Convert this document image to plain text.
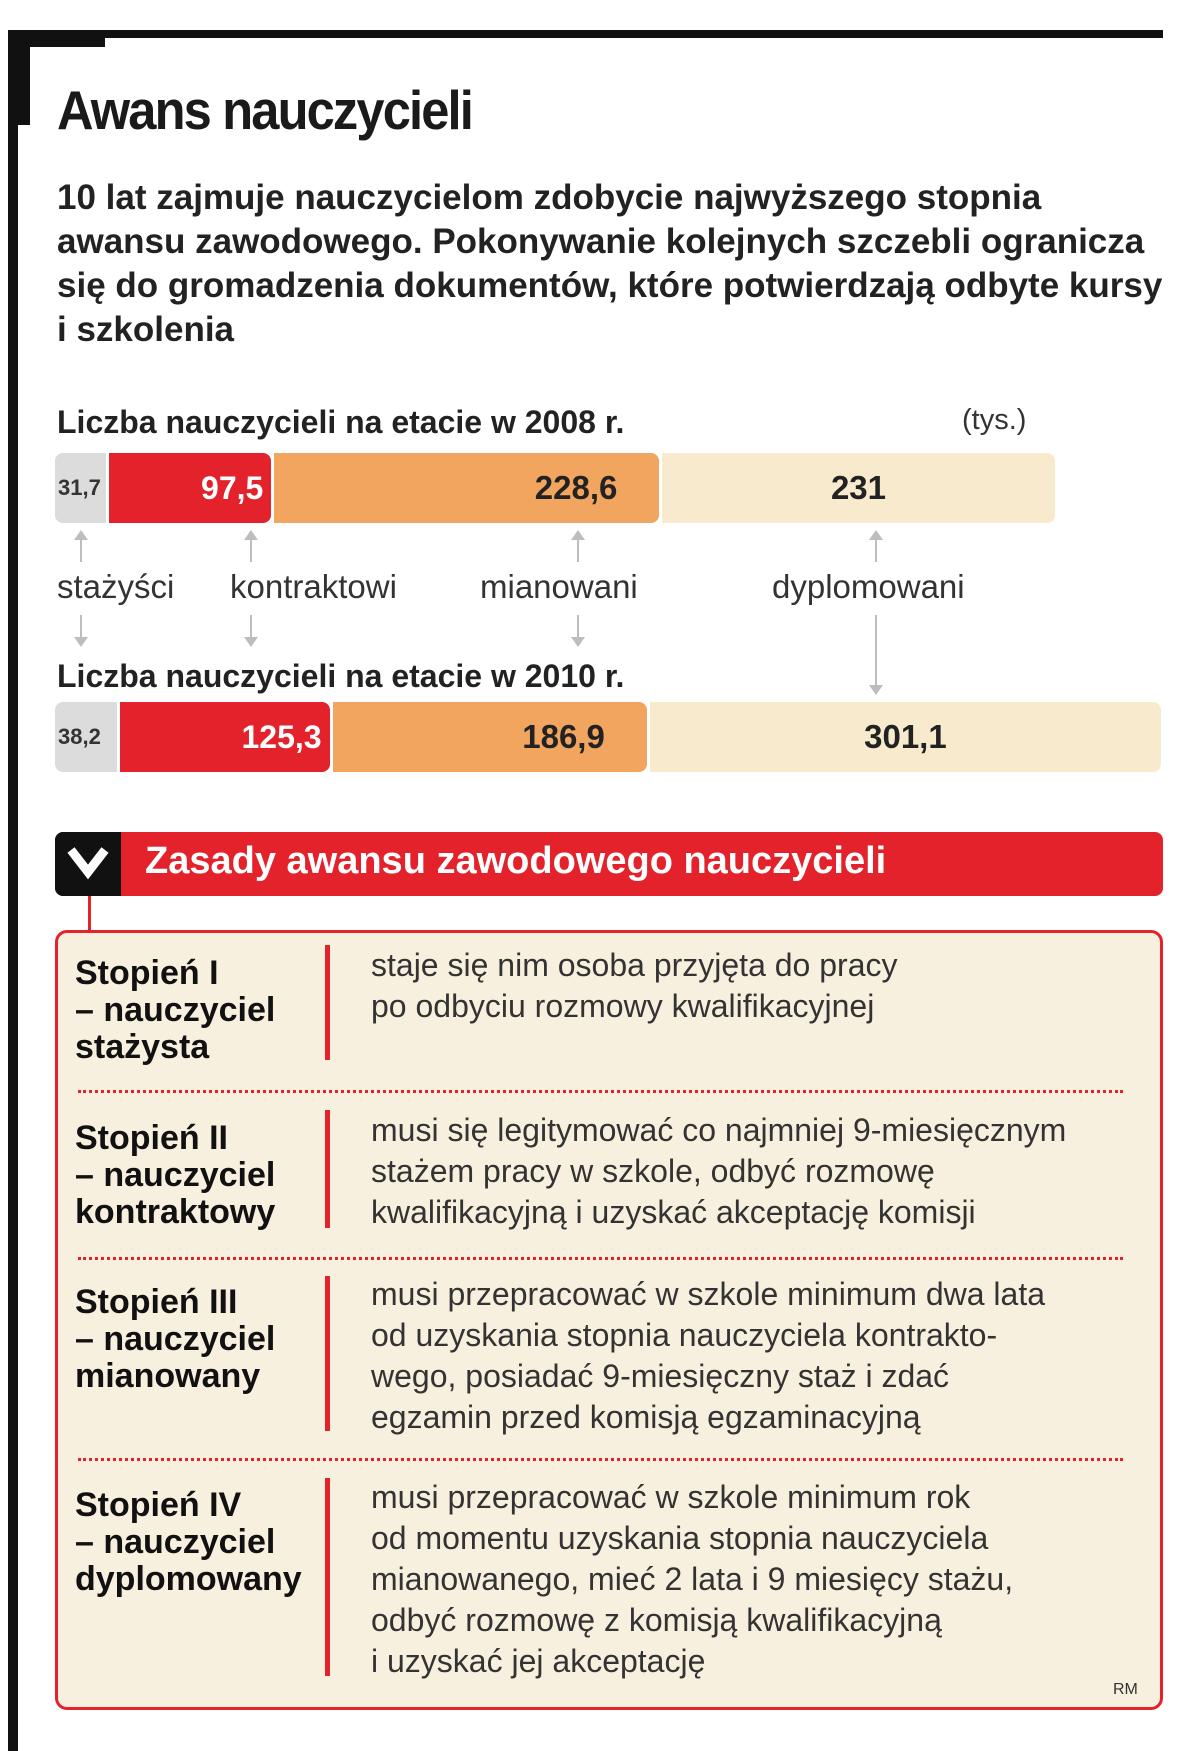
Awans nauczycieli
10 lat zajmuje nauczycielom zdobycie najwyższego stopnia awansu zawodowego. Pokonywanie kolejnych szczebli ogranicza się do gromadzenia dokumentów, które potwierdzają odbyte kursy i szkolenia
Liczba nauczycieli na etacie w 2008 r.	(tys.)
Liczba nauczycieli na etacie w 2010 r.
31,7	97,5	228,6	231
38,2	125,3	186,9	301,1
stażyści kontraktowi	mianowani	dyplomowani
Zasady awansu zawodowego nauczycieli
Stopień I
– nauczyciel
stażysta
staje się nim osoba przyjęta do pracy
po odbyciu rozmowy kwalifikacyjnej
Stopień II
– nauczyciel
kontraktowy
musi się legitymować co najmniej 9-miesięcznym
stażem pracy w szkole, odbyć rozmowę
kwalifikacyjną i uzyskać akceptację komisji
Stopień III
– nauczyciel
mianowany
musi przepracować w szkole minimum dwa lata
od uzyskania stopnia nauczyciela kontrakto-
wego, posiadać 9-miesięczny staż i zdać
egzamin przed komisją egzaminacyjną
Stopień IV
– nauczyciel
dyplomowany
musi przepracować w szkole minimum rok
od momentu uzyskania stopnia nauczyciela
mianowanego, mieć 2 lata i 9 miesięcy stażu,
odbyć rozmowę z komisją kwalifikacyjną
i uzyskać jej akceptację
RM
